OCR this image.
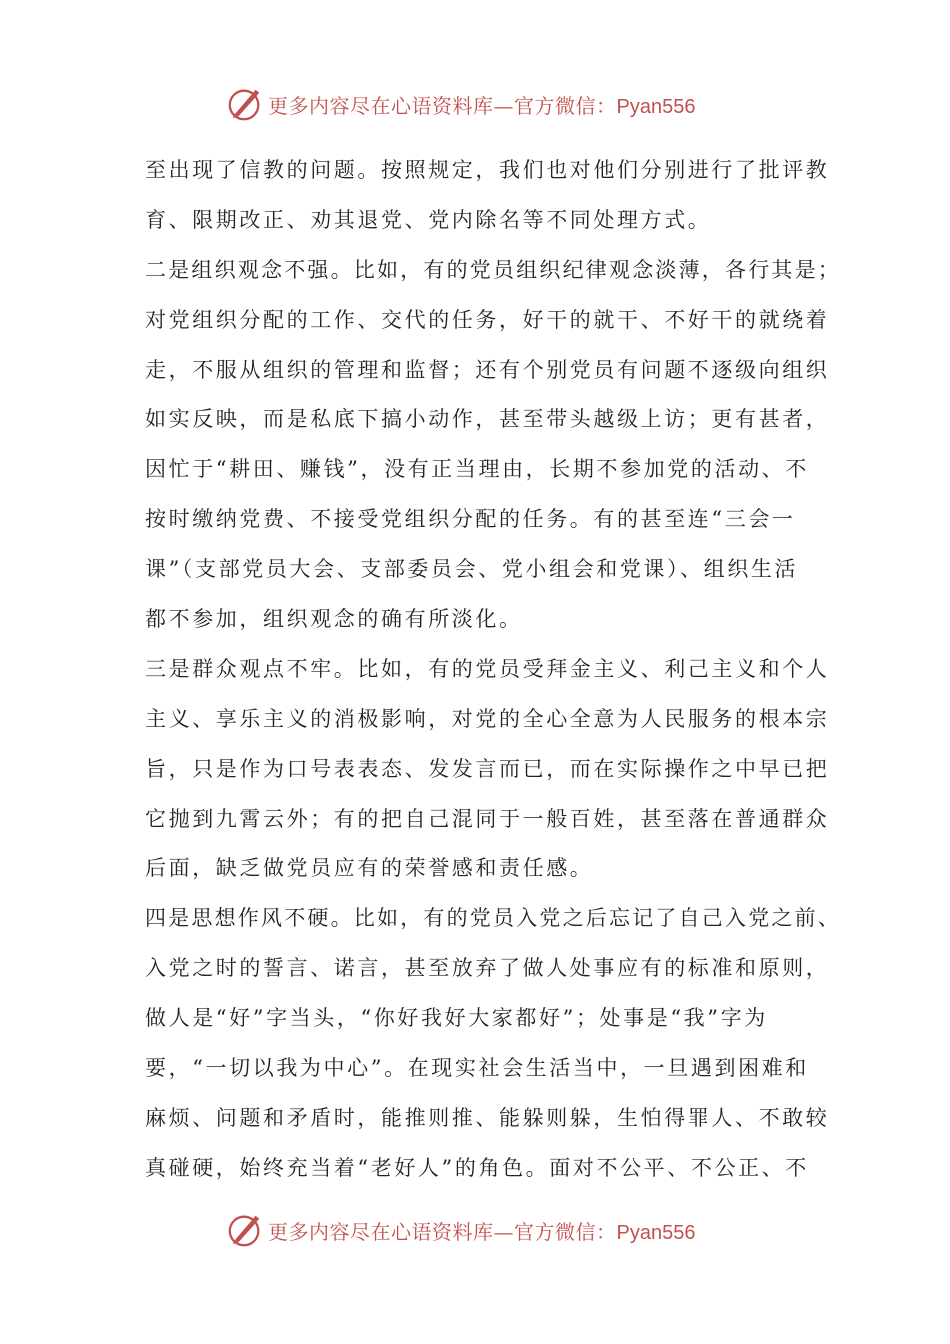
更多内容尽在心语资料库—官方微信：Pyan556
至出现了信教的问题。按照规定，我们也对他们分别进行了批评教
育、限期改正、劝其退党、党内除名等不同处理方式。
二是组织观念不强。比如，有的党员组织纪律观念淡薄，各行其是；
对党组织分配的工作、交代的任务，好干的就干、不好干的就绕着
走，不服从组织的管理和监督；还有个别党员有问题不逐级向组织
如实反映，而是私底下搞小动作，甚至带头越级上访；更有甚者，
因忙于“耕田、赚钱”，没有正当理由，长期不参加党的活动、不
按时缴纳党费、不接受党组织分配的任务。有的甚至连“三会一
课”（支部党员大会、支部委员会、党小组会和党课）、组织生活
都不参加，组织观念的确有所淡化。
三是群众观点不牢。比如，有的党员受拜金主义、利己主义和个人
主义、享乐主义的消极影响，对党的全心全意为人民服务的根本宗
旨，只是作为口号表表态、发发言而已，而在实际操作之中早已把
它抛到九霄云外；有的把自己混同于一般百姓，甚至落在普通群众
后面，缺乏做党员应有的荣誉感和责任感。
四是思想作风不硬。比如，有的党员入党之后忘记了自己入党之前、
入党之时的誓言、诺言，甚至放弃了做人处事应有的标准和原则，
做人是“好”字当头，“你好我好大家都好”；处事是“我”字为
要，“一切以我为中心”。在现实社会生活当中，一旦遇到困难和
麻烦、问题和矛盾时，能推则推、能躲则躲，生怕得罪人、不敢较
真碰硬，始终充当着“老好人”的角色。面对不公平、不公正、不
更多内容尽在心语资料库—官方微信：Pyan556
